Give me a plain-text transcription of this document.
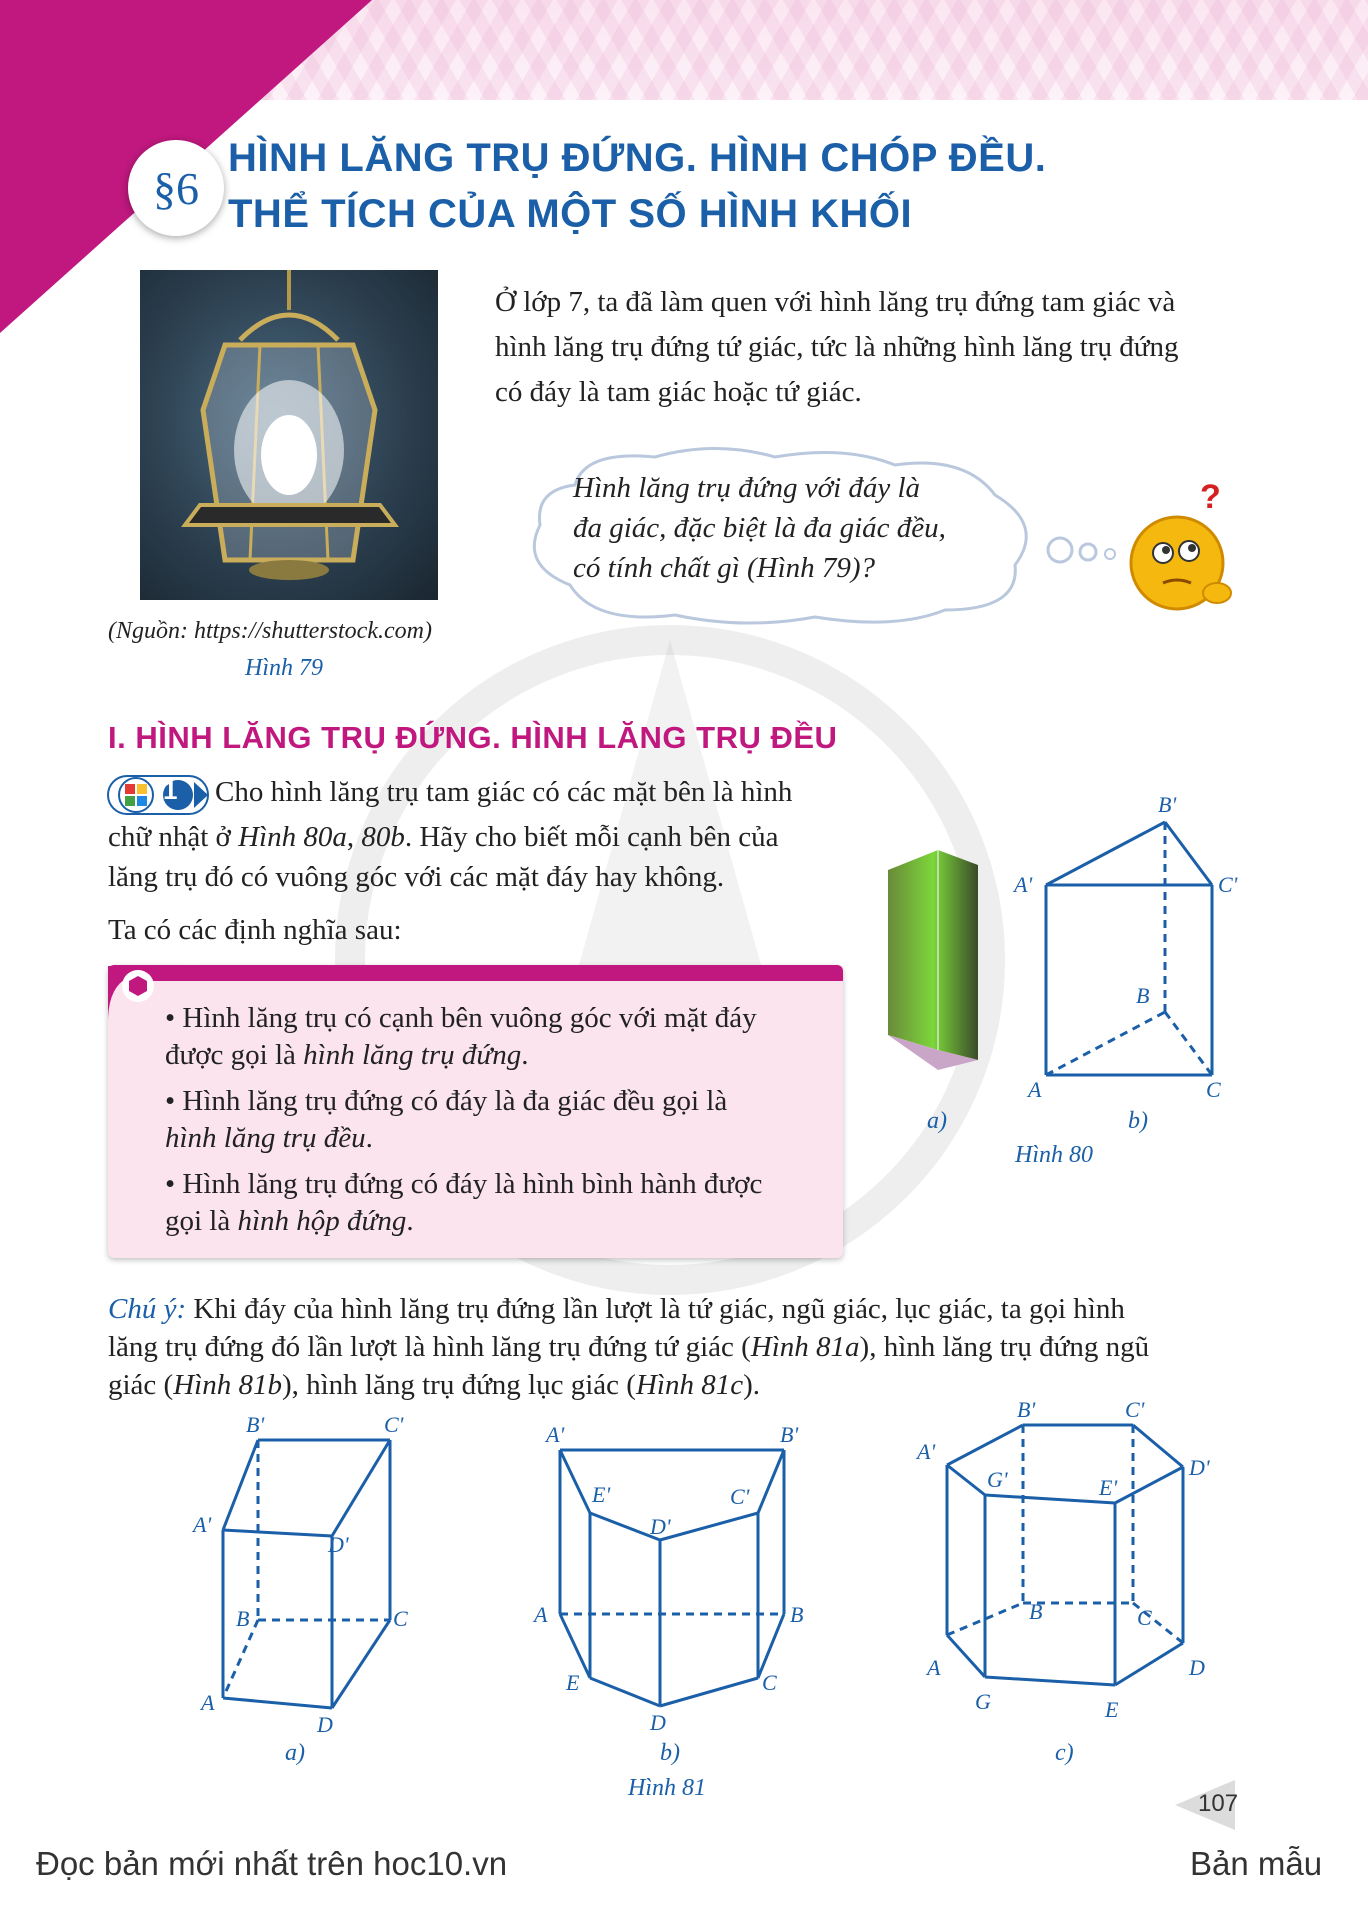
§6
HÌNH LĂNG TRỤ ĐỨNG. HÌNH CHÓP ĐỀU.
THỂ TÍCH CỦA MỘT SỐ HÌNH KHỐI
(Nguồn: https://shutterstock.com)
Hình 79
Ở lớp 7, ta đã làm quen với hình lăng trụ đứng tam giác và
hình lăng trụ đứng tứ giác, tức là những hình lăng trụ đứng
có đáy là tam giác hoặc tứ giác.
Hình lăng trụ đứng với đáy là
đa giác, đặc biệt là đa giác đều,
có tính chất gì (Hình 79)?
?
I. HÌNH LĂNG TRỤ ĐỨNG. HÌNH LĂNG TRỤ ĐỀU
1 Cho hình lăng trụ tam giác có các mặt bên là hình
chữ nhật ở Hình 80a, 80b. Hãy cho biết mỗi cạnh bên của
lăng trụ đó có vuông góc với các mặt đáy hay không.
Ta có các định nghĩa sau:
• Hình lăng trụ có cạnh bên vuông góc với mặt đáy
được gọi là hình lăng trụ đứng.
• Hình lăng trụ đứng có đáy là đa giác đều gọi là
hình lăng trụ đều.
• Hình lăng trụ đứng có đáy là hình bình hành được
gọi là hình hộp đứng.
B'
A'	C'
B
A	C
a)	b)
Hình 80
Chú ý: Khi đáy của hình lăng trụ đứng lần lượt là tứ giác, ngũ giác, lục giác, ta gọi hình
lăng trụ đứng đó lần lượt là hình lăng trụ đứng tứ giác (Hình 81a), hình lăng trụ đứng ngũ
giác (Hình 81b), hình lăng trụ đứng lục giác (Hình 81c).
B'	C'
A'
D'
B	C
A
D
A'	B'
E'	C'
D'
A	B
E	C
D
B'	C'
A'
G'	E'
D'
B	C
A	D
G	E
a)	b)	c)
Hình 81
107
Đọc bản mới nhất trên hoc10.vn	Bản mẫu
